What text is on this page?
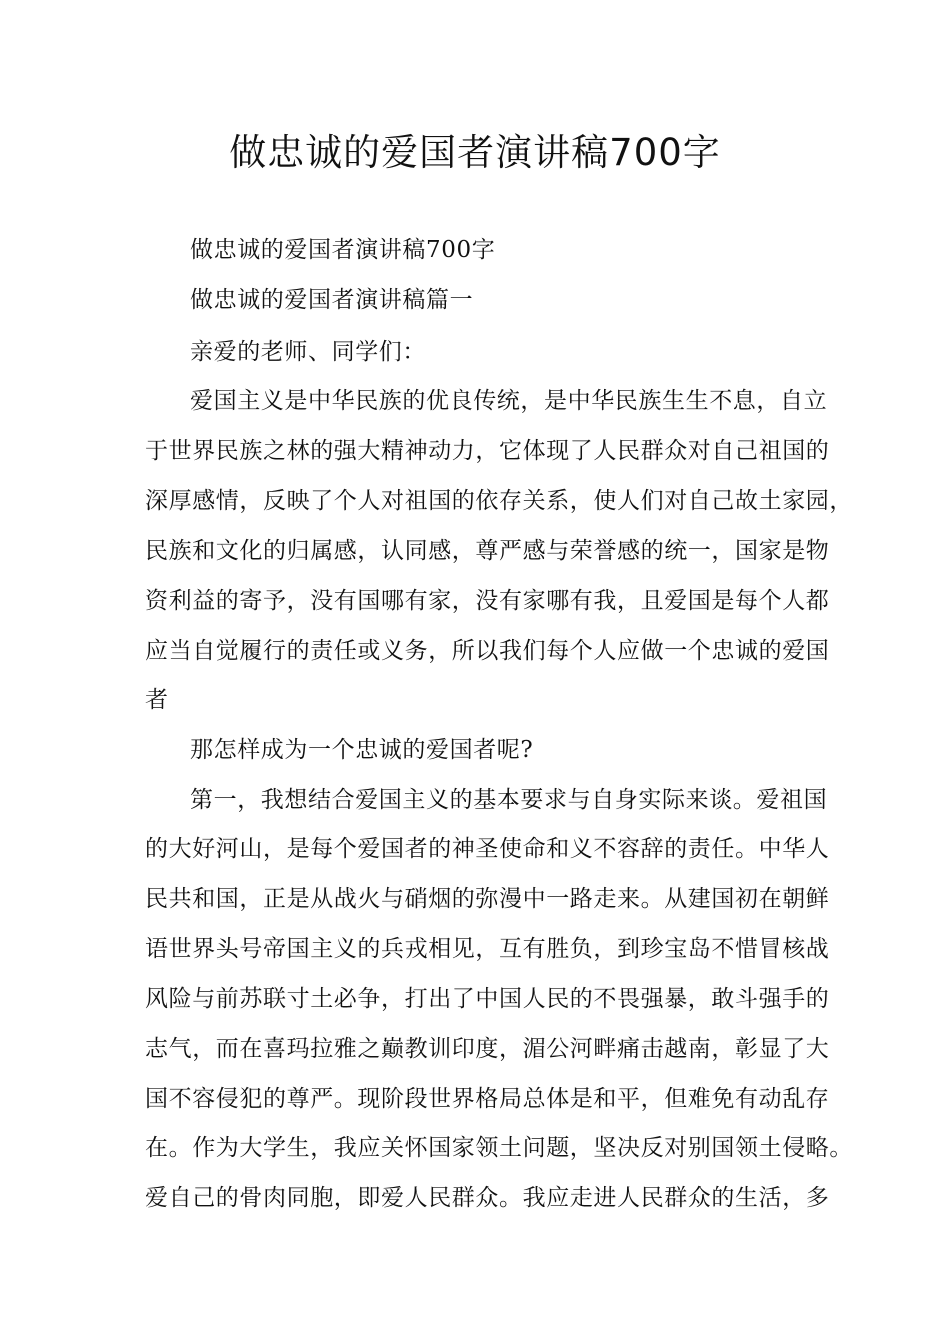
做忠诚的爱国者演讲稿700字
做忠诚的爱国者演讲稿700字
做忠诚的爱国者演讲稿篇一
亲爱的老师、同学们：
爱国主义是中华民族的优良传统，是中华民族生生不息，自立
于世界民族之林的强大精神动力，它体现了人民群众对自己祖国的
深厚感情，反映了个人对祖国的依存关系，使人们对自己故土家园，
民族和文化的归属感，认同感，尊严感与荣誉感的统一，国家是物
资利益的寄予，没有国哪有家，没有家哪有我，且爱国是每个人都
应当自觉履行的责任或义务，所以我们每个人应做一个忠诚的爱国
者
那怎样成为一个忠诚的爱国者呢?
第一，我想结合爱国主义的基本要求与自身实际来谈。爱祖国
的大好河山，是每个爱国者的神圣使命和义不容辞的责任。中华人
民共和国，正是从战火与硝烟的弥漫中一路走来。从建国初在朝鲜
语世界头号帝国主义的兵戎相见，互有胜负，到珍宝岛不惜冒核战
风险与前苏联寸土必争，打出了中国人民的不畏强暴，敢斗强手的
志气，而在喜玛拉雅之巅教训印度，湄公河畔痛击越南，彰显了大
国不容侵犯的尊严。现阶段世界格局总体是和平，但难免有动乱存
在。作为大学生，我应关怀国家领土问题，坚决反对别国领土侵略。
爱自己的骨肉同胞，即爱人民群众。我应走进人民群众的生活，多
